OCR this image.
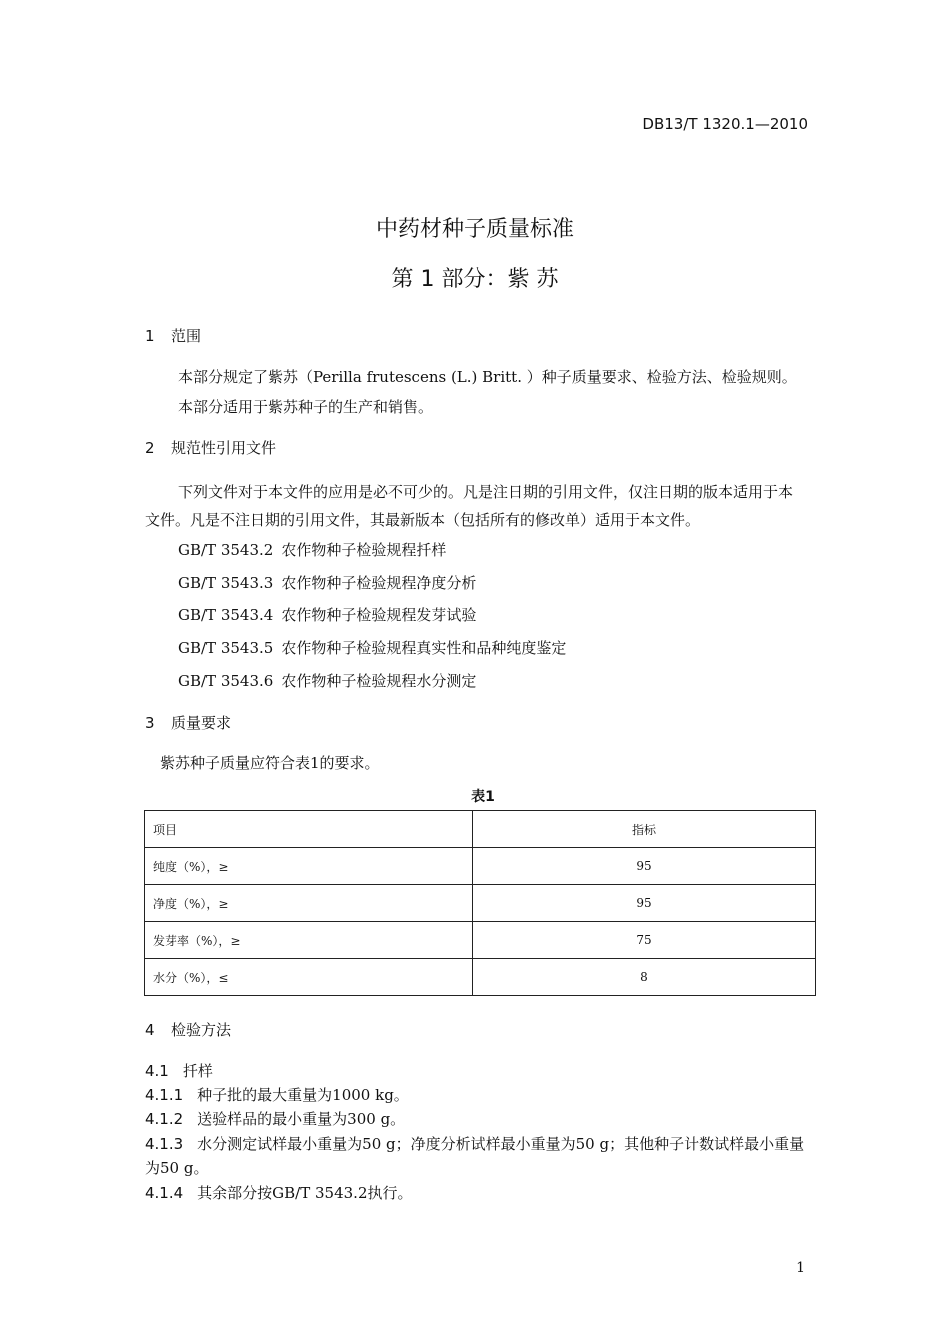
DB13/T 1320.1—2010
中药材种子质量标准
第 1 部分：紫 苏
1 范围
本部分规定了紫苏（Perilla frutescens (L.) Britt. ）种子质量要求、检验方法、检验规则。
本部分适用于紫苏种子的生产和销售。
2 规范性引用文件
下列文件对于本文件的应用是必不可少的。凡是注日期的引用文件，仅注日期的版本适用于本文件。凡是不注日期的引用文件，其最新版本（包括所有的修改单）适用于本文件。
GB/T 3543.2 农作物种子检验规程扦样
GB/T 3543.3 农作物种子检验规程净度分析
GB/T 3543.4 农作物种子检验规程发芽试验
GB/T 3543.5 农作物种子检验规程真实性和品种纯度鉴定
GB/T 3543.6 农作物种子检验规程水分测定
3 质量要求
紫苏种子质量应符合表1的要求。
表1
项目	指标
纯度（%），≥	95
净度（%），≥	95
发芽率（%），≥	75
水分（%），≤	8
4 检验方法
4.1 扦样
4.1.1 种子批的最大重量为1000 kg。
4.1.2 送验样品的最小重量为300 g。
4.1.3 水分测定试样最小重量为50 g；净度分析试样最小重量为50 g；其他种子计数试样最小重量为50 g。
4.1.4 其余部分按GB/T 3543.2执行。
1
